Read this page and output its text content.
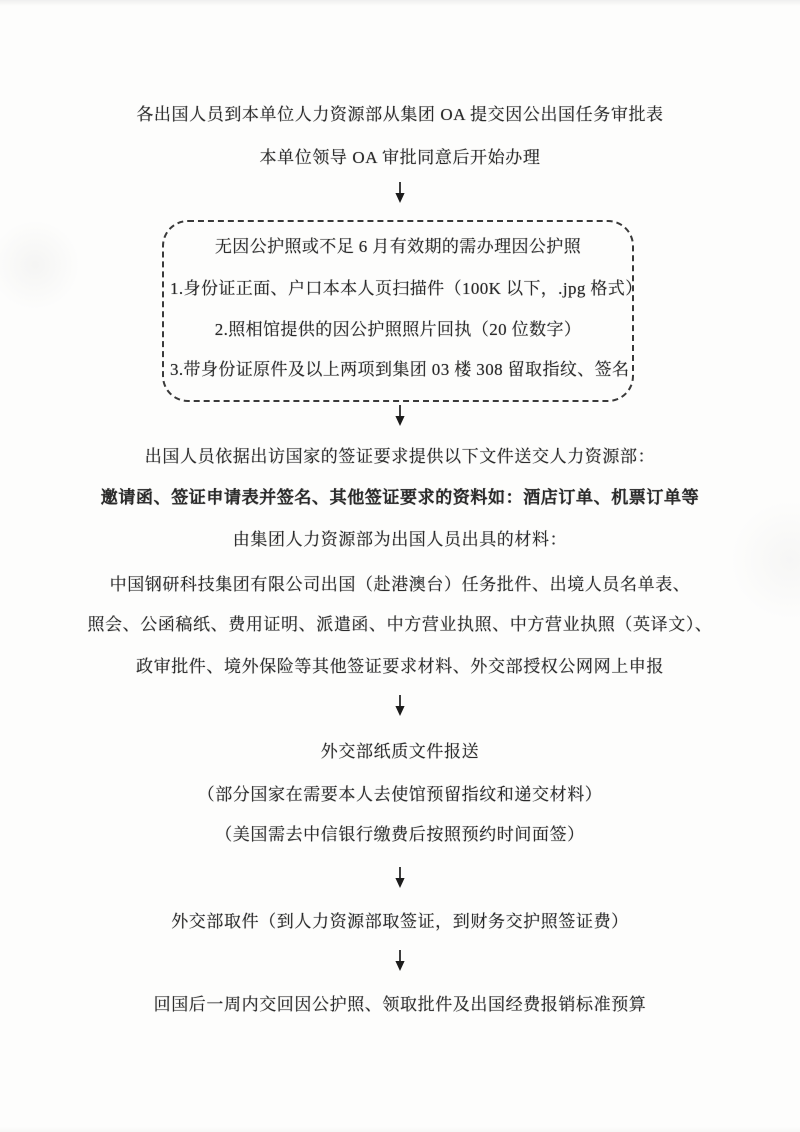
各出国人员到本单位人力资源部从集团 OA 提交因公出国任务审批表
本单位领导 OA 审批同意后开始办理
无因公护照或不足 6 月有效期的需办理因公护照
1.身份证正面、户口本本人页扫描件（100K 以下，.jpg 格式）
2.照相馆提供的因公护照照片回执（20 位数字）
3.带身份证原件及以上两项到集团 03 楼 308 留取指纹、签名
出国人员依据出访国家的签证要求提供以下文件送交人力资源部：
邀请函、签证申请表并签名、其他签证要求的资料如：酒店订单、机票订单等
由集团人力资源部为出国人员出具的材料：
中国钢研科技集团有限公司出国（赴港澳台）任务批件、出境人员名单表、
照会、公函稿纸、费用证明、派遣函、中方营业执照、中方营业执照（英译文）、
政审批件、境外保险等其他签证要求材料、外交部授权公网网上申报
外交部纸质文件报送
（部分国家在需要本人去使馆预留指纹和递交材料）
（美国需去中信银行缴费后按照预约时间面签）
外交部取件（到人力资源部取签证，到财务交护照签证费）
回国后一周内交回因公护照、领取批件及出国经费报销标准预算
